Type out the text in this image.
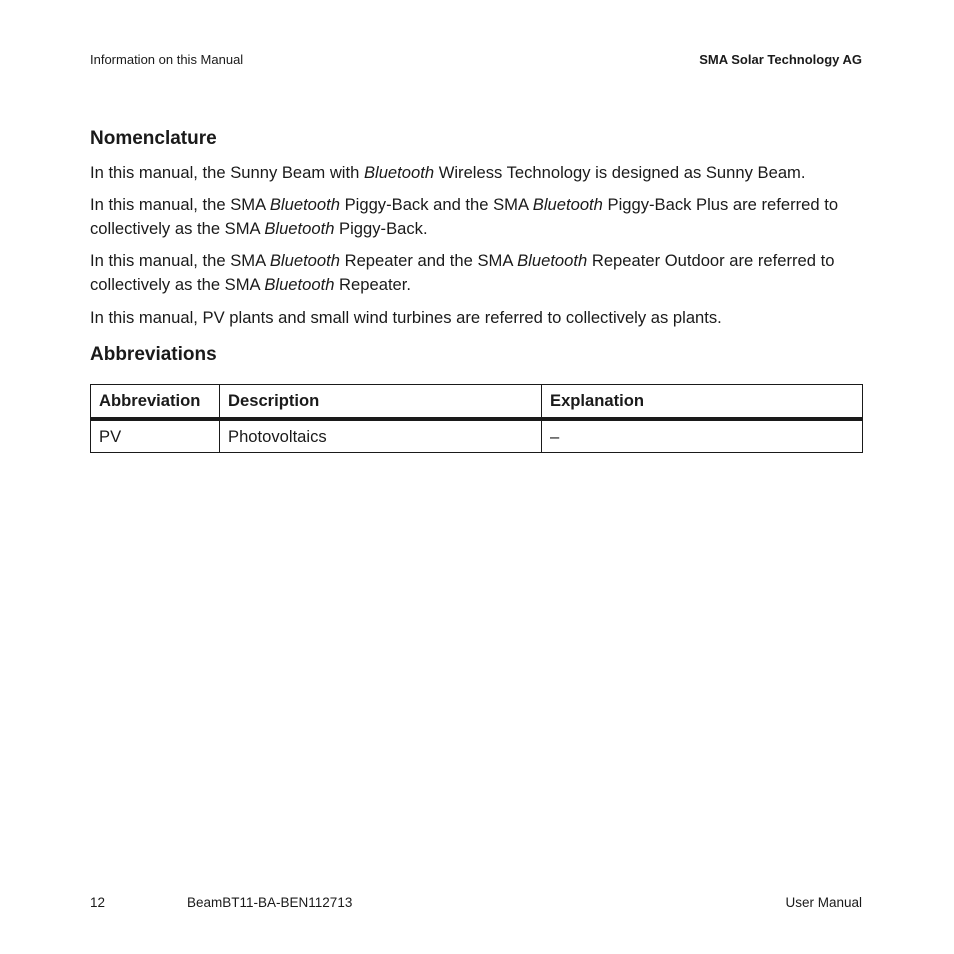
Information on this Manual	SMA Solar Technology AG
Nomenclature

In this manual, the Sunny Beam with Bluetooth Wireless Technology is designed as Sunny Beam.

In this manual, the SMA Bluetooth Piggy-Back and the SMA Bluetooth Piggy-Back Plus are referred to collectively as the SMA Bluetooth Piggy-Back.

In this manual, the SMA Bluetooth Repeater and the SMA Bluetooth Repeater Outdoor are referred to collectively as the SMA Bluetooth Repeater.

In this manual, PV plants and small wind turbines are referred to collectively as plants.

Abbreviations
Abbreviation	Description	Explanation
PV	Photovoltaics	–
12	BeamBT11-BA-BEN112713	User Manual
